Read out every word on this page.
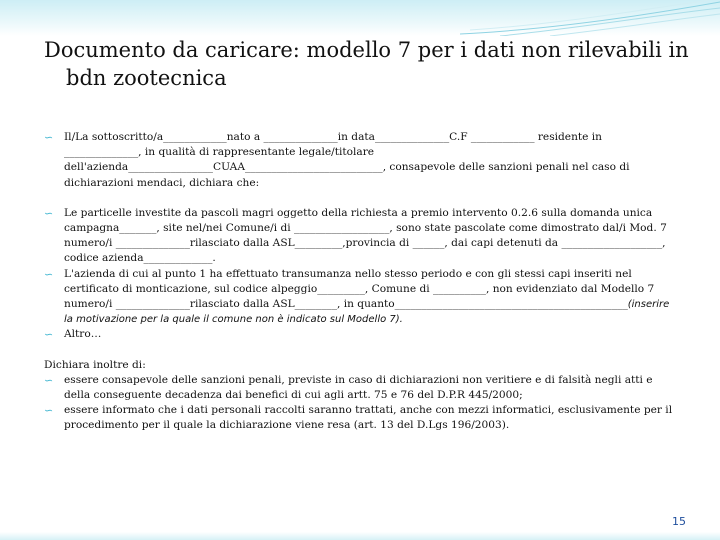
Documento da caricare: modello 7 per i dati non rilevabili in
bdn zootecnica
∽ Il/La sottoscritto/a____________nato a ______________in data______________C.F ____________ residente in ______________, in qualità di rappresentante legale/titolare dell'azienda________________CUAA__________________________, consapevole delle sanzioni penali nel caso di dichiarazioni mendaci, dichiara che:
∽ Le particelle investite da pascoli magri oggetto della richiesta a premio intervento 0.2.6 sulla domanda unica campagna_______, site nel/nei Comune/i di __________________, sono state pascolate come dimostrato dal/i Mod. 7 numero/i ______________rilasciato dalla ASL_________,provincia di ______, dai capi detenuti da ___________________, codice azienda_____________.
∽ L'azienda di cui al punto 1 ha effettuato transumanza nello stesso periodo e con gli stessi capi inseriti nel certificato di monticazione, sul codice alpeggio_________, Comune di __________, non evidenziato dal Modello 7 numero/i ______________rilasciato dalla ASL________, in quanto____________________________________________(inserire la motivazione per la quale il comune non è indicato sul Modello 7).
∽ Altro…
Dichiara inoltre di:
∽ essere consapevole delle sanzioni penali, previste in caso di dichiarazioni non veritiere e di falsità negli atti e della conseguente decadenza dai benefici di cui agli artt. 75 e 76 del D.P.R 445/2000;
∽ essere informato che i dati personali raccolti saranno trattati, anche con mezzi informatici, esclusivamente per il procedimento per il quale la dichiarazione viene resa (art. 13 del D.Lgs 196/2003).
15
